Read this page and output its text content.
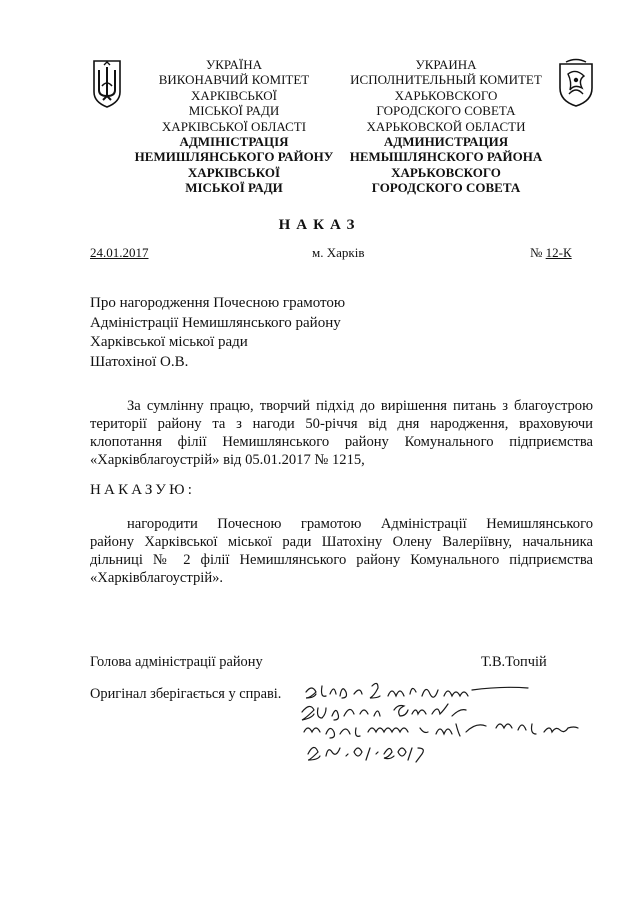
УКРАЇНА
ВИКОНАВЧИЙ КОМІТЕТ
ХАРКІВСЬКОЇ
МІСЬКОЇ РАДИ
ХАРКІВСЬКОЇ ОБЛАСТІ
АДМІНІСТРАЦІЯ
НЕМИШЛЯНСЬКОГО РАЙОНУ
ХАРКІВСЬКОЇ
МІСЬКОЇ РАДИ
УКРАИНА
ИСПОЛНИТЕЛЬНЫЙ КОМИТЕТ
ХАРЬКОВСКОГО
ГОРОДСКОГО СОВЕТА
ХАРЬКОВСКОЙ ОБЛАСТИ
АДМИНИСТРАЦИЯ
НЕМЫШЛЯНСКОГО РАЙОНА
ХАРЬКОВСКОГО
ГОРОДСКОГО СОВЕТА
НАКАЗ
24.01.2017	м. Харків	№ 12-К
Про нагородження Почесною грамотою
Адміністрації Немишлянського району
Харківської міської ради
Шатохіної О.В.
За сумлінну працю, творчий підхід до вирішення питань з благоустрою
території району та з нагоди 50-річчя від дня народження, враховуючи
клопотання філії Немишлянського району Комунального підприємства
«Харківблагоустрій» від 05.01.2017 № 1215,
НАКАЗУЮ:
нагородити Почесною грамотою Адміністрації Немишлянського
району Харківської міської ради Шатохіну Олену Валеріївну, начальника
дільниці № 2 філії Немишлянського району Комунального підприємства
«Харківблагоустрій».
Голова адміністрації району	Т.В.Топчій
Оригінал зберігається у справі.
